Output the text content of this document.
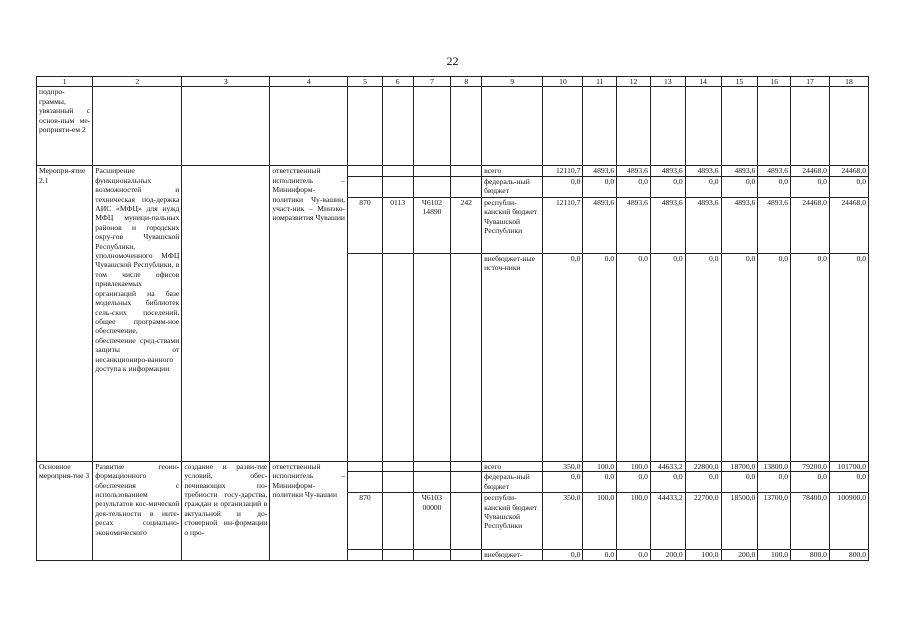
22
1	2	3	4	5	6	7	8	9	10	11	12	13	14	15	16	17	18
подпро-граммы, увязанный с основ-ным ме-роприяти-ем 2																	
Меропри-ятие 2.1	Расширение функциональных возможностей и техническая под-держка АИС «МФЦ» для нужд МФЦ муници-пальных районов и городских окру-гов Чувашской Республики, уполномоченного МФЦ Чувашской Республики, в том числе офисов привлекаемых организаций на базе модельных библиотек сель-ских поселений, общее программ-ное обеспечение, обеспечение сред-ствами защиты от несанкциониро-ванного доступа к информации		ответственный исполнитель – Мининформ-политики Чу-вашии, участ-ник – Минэко-номразвития Чувашии					всего	12110,7	4893,6	4893,6	4893,6	4893,6	4893,6	4893,6	24468,0	24468,0
								федераль-ный бюджет	0,0	0,0	0,0	0,0	0,0	0,0	0,0	0,0	0,0
				870	0113	Ч6102 14890	242	республи-канский бюджет Чувашской Республики	12110,7	4893,6	4893,6	4893,6	4893,6	4893,6	4893,6	24468,0	24468,0
								внебюджет-ные источ-ники	0,0	0,0	0,0	0,0	0,0	0,0	0,0	0,0	0,0
Основное мероприя-тие 3	Развитие геоин-формационного обеспечения с использованием результатов кос-мической дея-тельности в инте-ресах социально-экономического	создание и разви-тие условий, обес-печивающих по-требности госу-дарства, граждан и организаций в актуальной и до-стоверной ин-формации о про-	ответственный исполнитель – Мининформ-политики Чу-вашии					всего	350,0	100,0	100,0	44633,2	22800,0	18700,0	13800,0	79200,0	101700,0
								федераль-ный бюджет	0,0	0,0	0,0	0,0	0,0	0,0	0,0	0,0	0,0
				870		Ч6103 00000		республи-канский бюджет Чувашской Республики	350,0	100,0	100,0	44433,2	22700,0	18500,0	13700,0	78400,0	100900,0
								внебюджет-	0,0	0,0	0,0	200,0	100,0	200,0	100,0	800,0	800,0
